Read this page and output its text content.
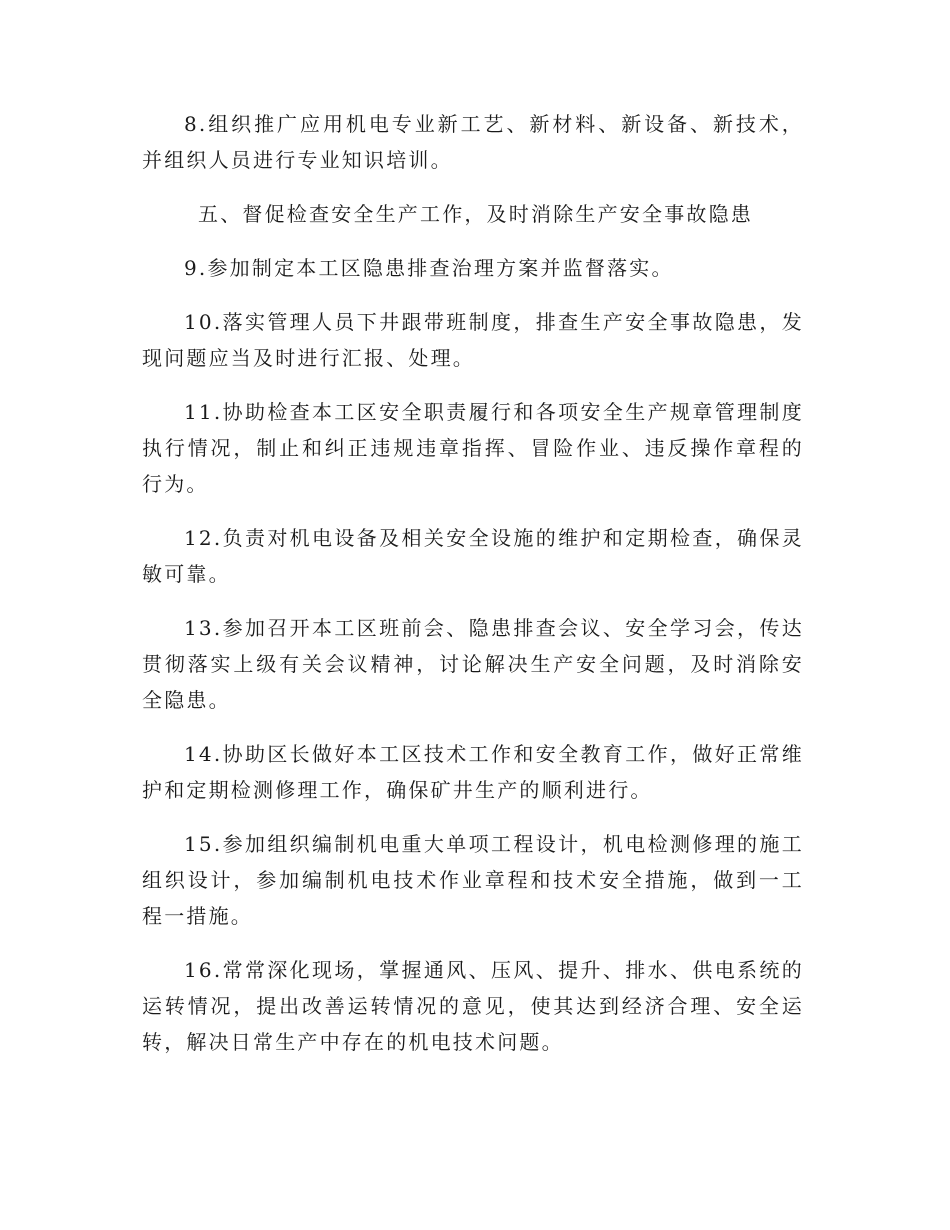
8.组织推广应用机电专业新工艺、新材料、新设备、新技术，并组织人员进行专业知识培训。

五、督促检查安全生产工作，及时消除生产安全事故隐患

9.参加制定本工区隐患排查治理方案并监督落实。

10.落实管理人员下井跟带班制度，排查生产安全事故隐患，发现问题应当及时进行汇报、处理。

11.协助检查本工区安全职责履行和各项安全生产规章管理制度执行情况，制止和纠正违规违章指挥、冒险作业、违反操作章程的行为。

12.负责对机电设备及相关安全设施的维护和定期检查，确保灵敏可靠。

13.参加召开本工区班前会、隐患排查会议、安全学习会，传达贯彻落实上级有关会议精神，讨论解决生产安全问题，及时消除安全隐患。

14.协助区长做好本工区技术工作和安全教育工作，做好正常维护和定期检测修理工作，确保矿井生产的顺利进行。

15.参加组织编制机电重大单项工程设计，机电检测修理的施工组织设计，参加编制机电技术作业章程和技术安全措施，做到一工程一措施。

16.常常深化现场，掌握通风、压风、提升、排水、供电系统的运转情况，提出改善运转情况的意见，使其达到经济合理、安全运转，解决日常生产中存在的机电技术问题。
